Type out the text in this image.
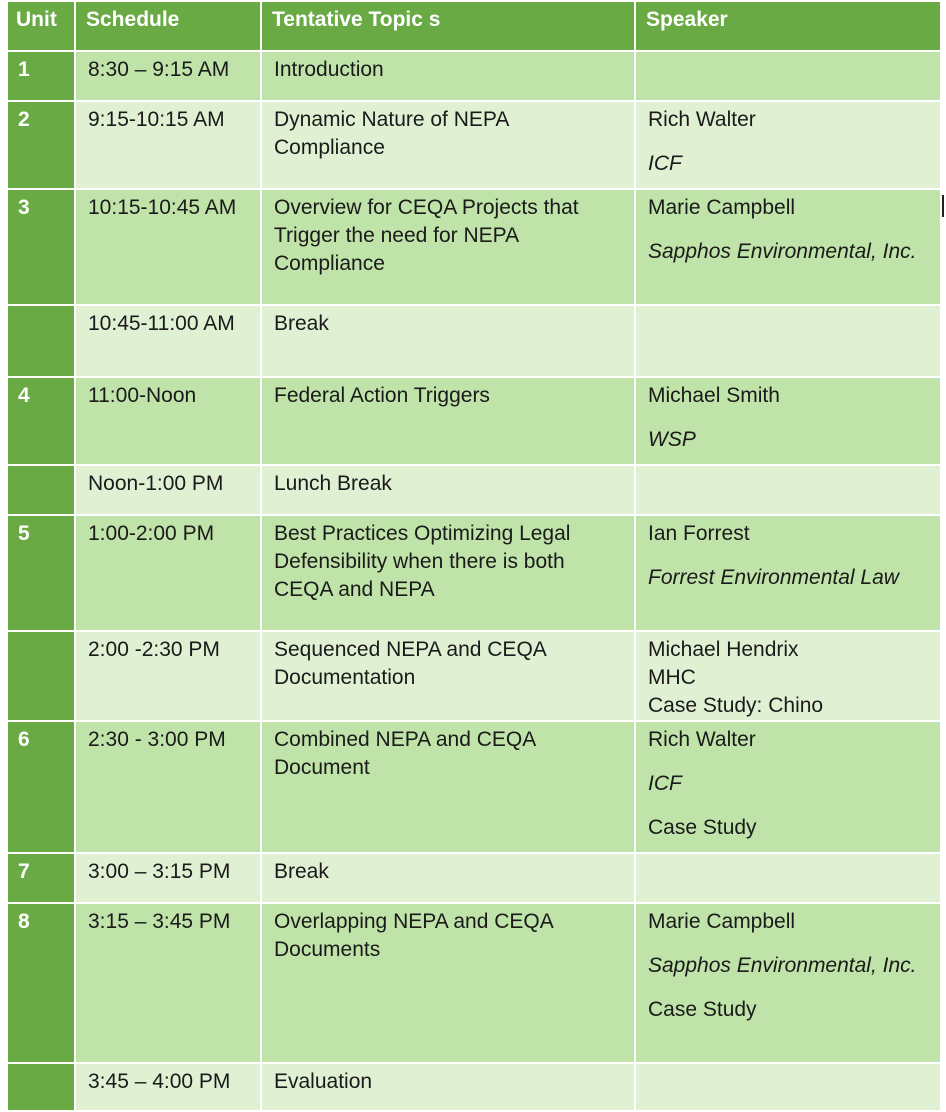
Unit	Schedule	Tentative Topic s	Speaker
1	8:30 – 9:15 AM	Introduction	
2	9:15-10:15 AM	Dynamic Nature of NEPA Compliance	Rich Walter
ICF

3	10:15-10:45 AM	Overview for CEQA Projects that Trigger the need for NEPA Compliance	Marie Campbell
Sapphos Environmental, Inc.

	10:45-11:00 AM	Break	
4	11:00-Noon	Federal Action Triggers	Michael Smith
WSP

	Noon-1:00 PM	Lunch Break	
5	1:00-2:00 PM	Best Practices Optimizing Legal Defensibility when there is both CEQA and NEPA	Ian Forrest
Forrest Environmental Law

	2:00 -2:30 PM	Sequenced NEPA and CEQA Documentation	Michael Hendrix
MHC
Case Study: Chino

6	2:30 - 3:00 PM	Combined NEPA and CEQA Document	Rich Walter
ICF
Case Study

7	3:00 – 3:15 PM	Break	
8	3:15 – 3:45 PM	Overlapping NEPA and CEQA Documents	Marie Campbell
Sapphos Environmental, Inc.
Case Study

	3:45 – 4:00 PM	Evaluation	
